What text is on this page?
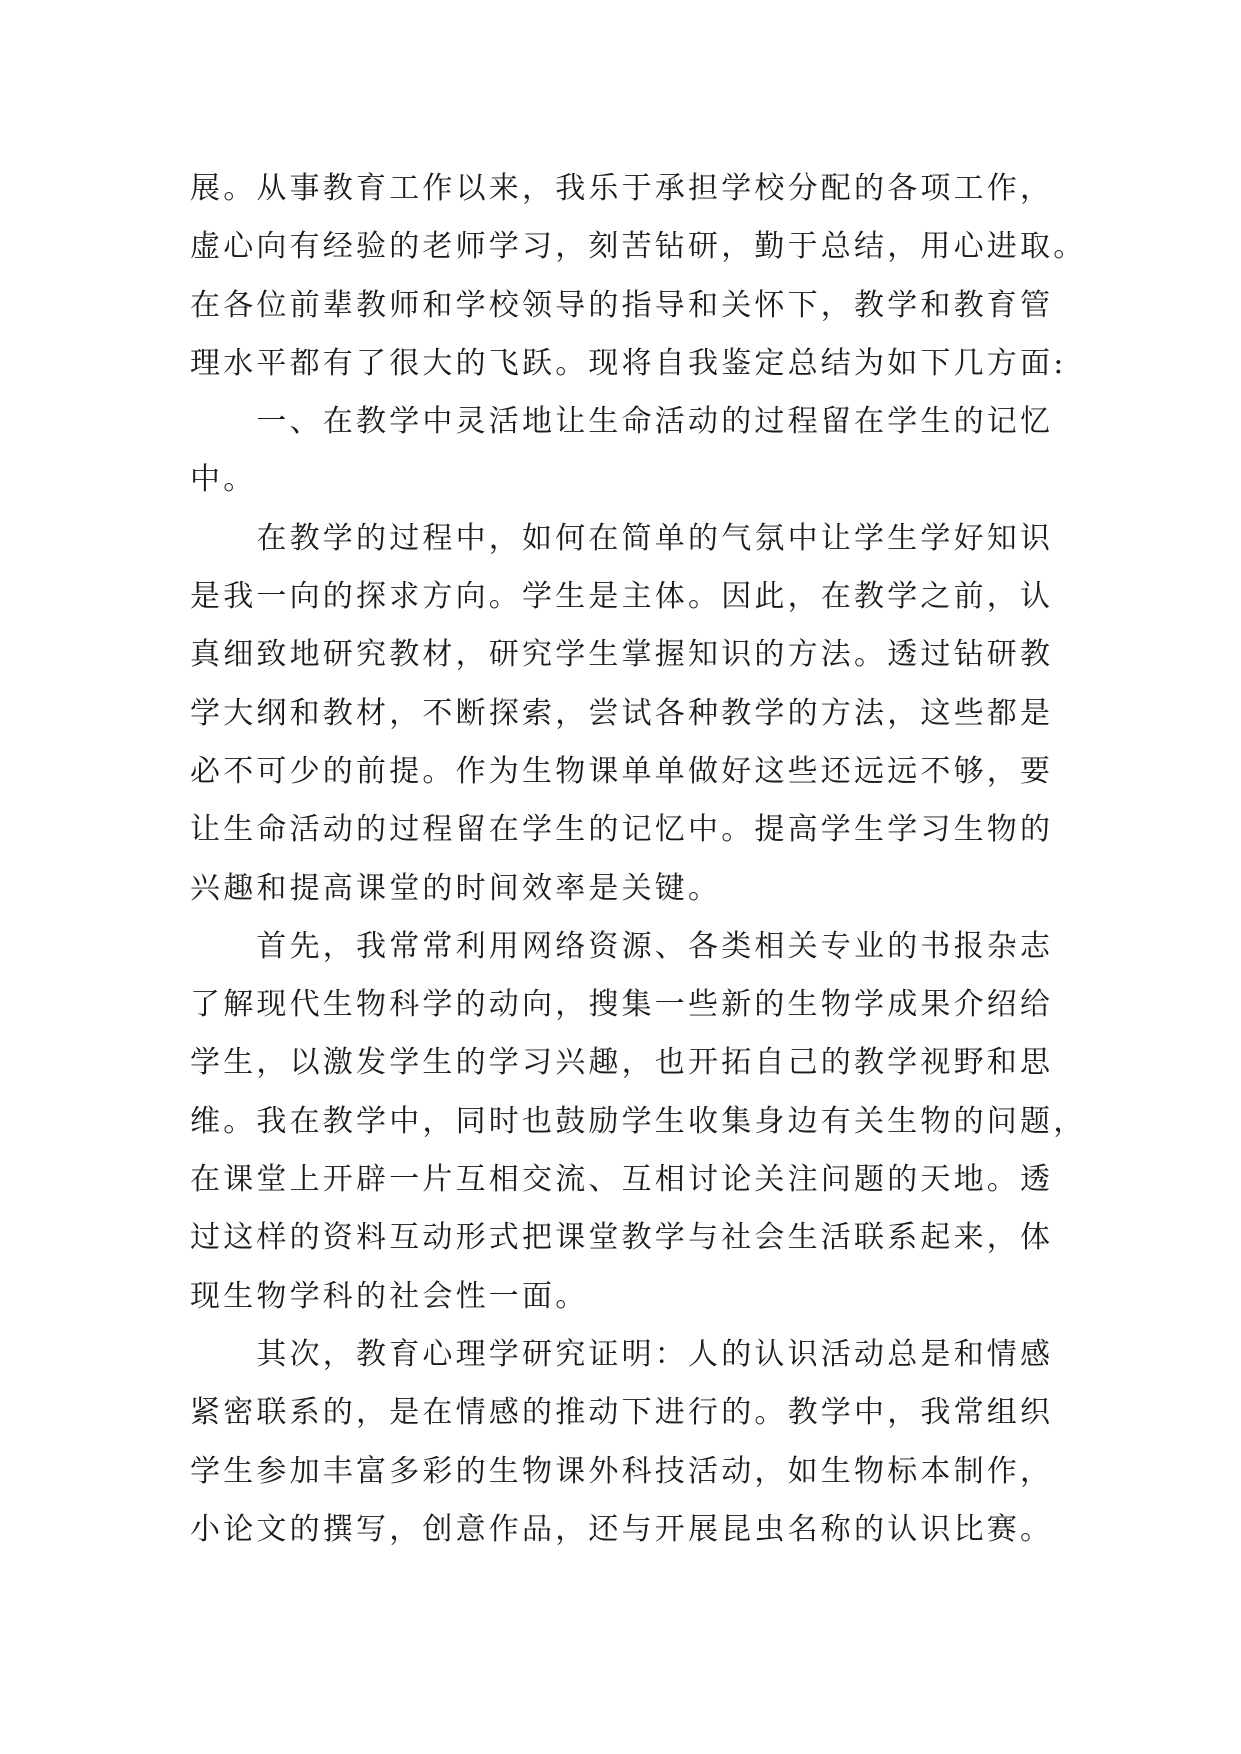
展。从事教育工作以来，我乐于承担学校分配的各项工作，
虚心向有经验的老师学习，刻苦钻研，勤于总结，用心进取。
在各位前辈教师和学校领导的指导和关怀下，教学和教育管
理水平都有了很大的飞跃。现将自我鉴定总结为如下几方面:
　　一、在教学中灵活地让生命活动的过程留在学生的记忆
中。
　　在教学的过程中，如何在简单的气氛中让学生学好知识
是我一向的探求方向。学生是主体。因此，在教学之前，认
真细致地研究教材，研究学生掌握知识的方法。透过钻研教
学大纲和教材，不断探索，尝试各种教学的方法，这些都是
必不可少的前提。作为生物课单单做好这些还远远不够，要
让生命活动的过程留在学生的记忆中。提高学生学习生物的
兴趣和提高课堂的时间效率是关键。
　　首先，我常常利用网络资源、各类相关专业的书报杂志
了解现代生物科学的动向，搜集一些新的生物学成果介绍给
学生，以激发学生的学习兴趣，也开拓自己的教学视野和思
维。我在教学中，同时也鼓励学生收集身边有关生物的问题，
在课堂上开辟一片互相交流、互相讨论关注问题的天地。透
过这样的资料互动形式把课堂教学与社会生活联系起来，体
现生物学科的社会性一面。
　　其次，教育心理学研究证明：人的认识活动总是和情感
紧密联系的，是在情感的推动下进行的。教学中，我常组织
学生参加丰富多彩的生物课外科技活动，如生物标本制作，
小论文的撰写，创意作品，还与开展昆虫名称的认识比赛。
